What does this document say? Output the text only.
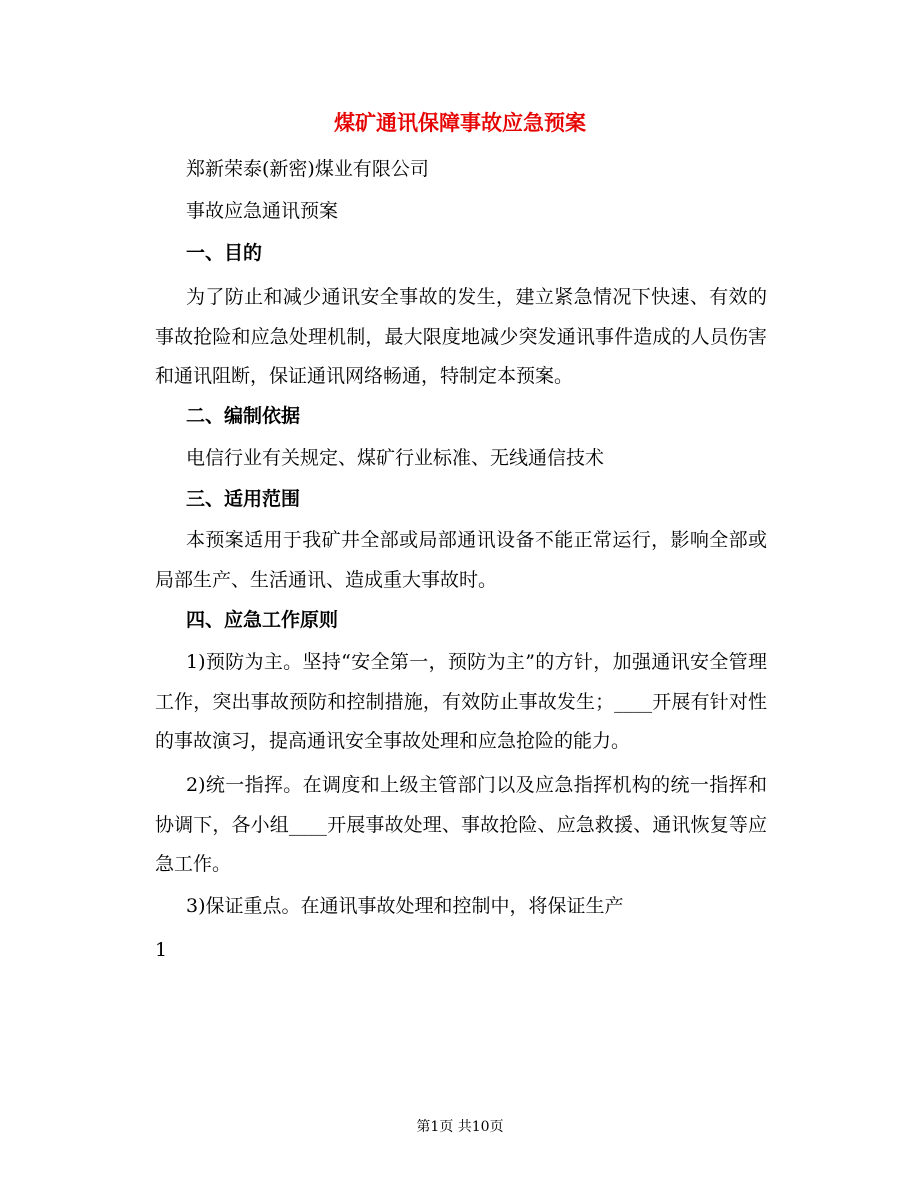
煤矿通讯保障事故应急预案
郑新荣泰(新密)煤业有限公司
事故应急通讯预案
一、目的
为了防止和减少通讯安全事故的发生，建立紧急情况下快速、有效的事故抢险和应急处理机制，最大限度地减少突发通讯事件造成的人员伤害和通讯阻断，保证通讯网络畅通，特制定本预案。
二、编制依据
电信行业有关规定、煤矿行业标准、无线通信技术
三、适用范围
本预案适用于我矿井全部或局部通讯设备不能正常运行，影响全部或局部生产、生活通讯、造成重大事故时。
四、应急工作原则
1)预防为主。坚持“安全第一，预防为主”的方针，加强通讯安全管理工作，突出事故预防和控制措施，有效防止事故发生；____开展有针对性的事故演习，提高通讯安全事故处理和应急抢险的能力。
2)统一指挥。在调度和上级主管部门以及应急指挥机构的统一指挥和协调下，各小组____开展事故处理、事故抢险、应急救援、通讯恢复等应急工作。
3)保证重点。在通讯事故处理和控制中，将保证生产
1
第1页 共10页
